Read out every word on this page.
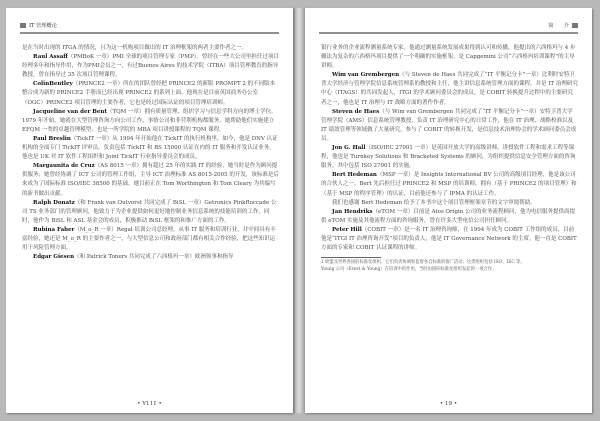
IT 管理概论

是在当时出现的 ITGA 的情况，且为这一机构项目做出的 IT 治理框架的两者主要作者之一。

Raul Assaff（PMBoK 一章）PMI 全球的项目管理专家（PMP）。曾经在一些大公司里担任过项目经理多年和指导作用，作为PMI会员之一，有过Buenos Aires 的技术学院（ITBA）项目管理教育的指导教授，曾在指导过 35 次项目管理课程。

ColinBentley（PRINCE2 一章）所在的团队曾经把 PRINCE2 的新版 PROMPT 2 的不同版本整合成为新的 PRINCE2 手册而已经出现 PRINCE2 的系列上面，他现在是目前英国商务办公室（OGC）PRINCE2 项目管理的主要作者，它也是经过国际认证的项目管理培训师。

Jacqueline van der Bent（TQM 一章）拥有质量管理、组织学习与信息学科方向的博士学位。1979 年开始，她就在大型管理咨询方向公司工作，事情公司和非营利机构都服务，她帮助他们实施建立 EFQM 一类的卓越管理模型，也是一所学院的 MBA 项目讲授课程的 TQM 课程。

Paul Breslin（TickIT 一章）从 1994 年开始他在 TickIT 的执行机构里，如今，他是 DNV 认证机构的全面专门 TickIT 评审员，负责包括 TickIT 和 BS 15000 认证在内的 IT 服务和开发认证业务。他也是 UK 对 IT 软件工程组织和 Joint TickIT 行业指导委员会的成员。

Margaunita de Cruz（AS 8015 一章）拥有超过 25 年的实践 IT 的经验，她当时是作为顾问提供服务；她曾经协调了 ICT 公司的管理工作组，主导 ICT 治理标准 AS 8015-2005 的开发，该标准是后来成为了国际标准 ISO/IEC 38500 的基础。她目前正在 Tom Worthington 和 Tom Cleary 为其编写的新书做出贡献。

Ralph Donatz（和 Frank van Outvorst 共同完成了 BiSL 一章）Getronics PinkRoccade 公司 TS 业务部门的管理顾问，他致力于为企业提供如何更好地控制业务信息系统的技能培训的工作，同时，他作为 BiSL 和 ASL 基金会的成员，积极推动 BiSL 框架的和推广方面的工作。

Rubina Faber（M_o_R 一章）Regal 培训公司总经理，从事 IT 服务和培训行业，并中间具有丰富经验，她还是 M_o_R 的主要作者之一，与大型信息公司和政府部门都有相关合作经验，把这些知识运用于风险管理方面。

Edgar Giesen（和 Patrick Toners 共同完成了六西格玛一章）欧洲领事和指导

• Y111 •
简　　介

银行业务的企业流程测量系统专家。他通过测量系统发展成果得到认可和传播，他提出的六西格玛与 4 步骤法为复杂的六西格玛项目提供了一个明确的实施框架。是 Capgemini 公司“六西格玛培训课程”的主导讲师。

Wim van Grembergen（与 Steven de Haes 共同完成了“IT 平衡记分卡”一章）比利时安特卫普大学经济与管理学院信息系统管理系的教授和主任，他主讲信息系统管理方面的课程，并是 IT 治理研究中心（ITAGS）的共同发起人，ITGI 的学术顾问委员会的成员，是 COBIT 转换提升过程中的主要研究者之一，他也是 IT 治理与 IT 战略方面的著作作者。

Steven de Haes（与 Wim van Grembergen 共同完成了“IT 平衡记分卡”一章）安特卫普大学管理学院（AMS）信息系统管理教授，负责 IT 治理研究中心的日常工作，他在 IT 治理、战略校准以及 IT 绩效管理等领域做了大量研究，参与了 COBIT 的转换开发，是信息技术治理协会的学术顾问委员会成员。

Jon G. Hall（ISO/IEC 27001 一章）是英国开放大学的高级讲师，讲授软件工程和需求工程等课程，他也是 Turnkey Solutions 和 Bracketed Systems 的顾问，为组织提供信息安全管理方面的咨询服务，其中包括 ISO 27001 的实施。

Bert Hedeman（MSP 一章）是 Insights International BV 公司的高级项目经理，他是该公司的合伙人之一。Bert 先后担任过 PRINCE2 和 MSP 的培训师，拥有（基于 PRINCE2 的项目管理）和（基于 MSP 的程序管理）的认证，目前他还参与了 IPMA 的认证工作。

我们也感谢 Bert Hedeman 给予了本书中这个项目管理框架章节的文字审阅帮助。

Jan Hendriks（eTOM 一章）目前是 Atos Origin 公司的业务流程顾问，他为电信服务提供商提供 eTOM 实施及其他流程方面的咨询服务，曾在许多大型电信公司担任顾问。

Peter Hill（COBIT 一章）是一名 IT 治理咨询师，在 1994 年成为 COBIT 工作组的成员，目前他是“ITGI IT 治理咨询开发”项目的负责人，他是 IT Governance Network 的主席。他一直是 COBIT 方面的专家和 COBIT 认证课程的讲师。

1 欧盟及世界各国的标准化组织，它们负责协调和监督各自标准的推广活动；这类组织包括 ISO、IEC 等。

Young 公司（Ernst & Young）在培训中的作用，当时由国际标准化组织发起的一项合作。

• 19 •
